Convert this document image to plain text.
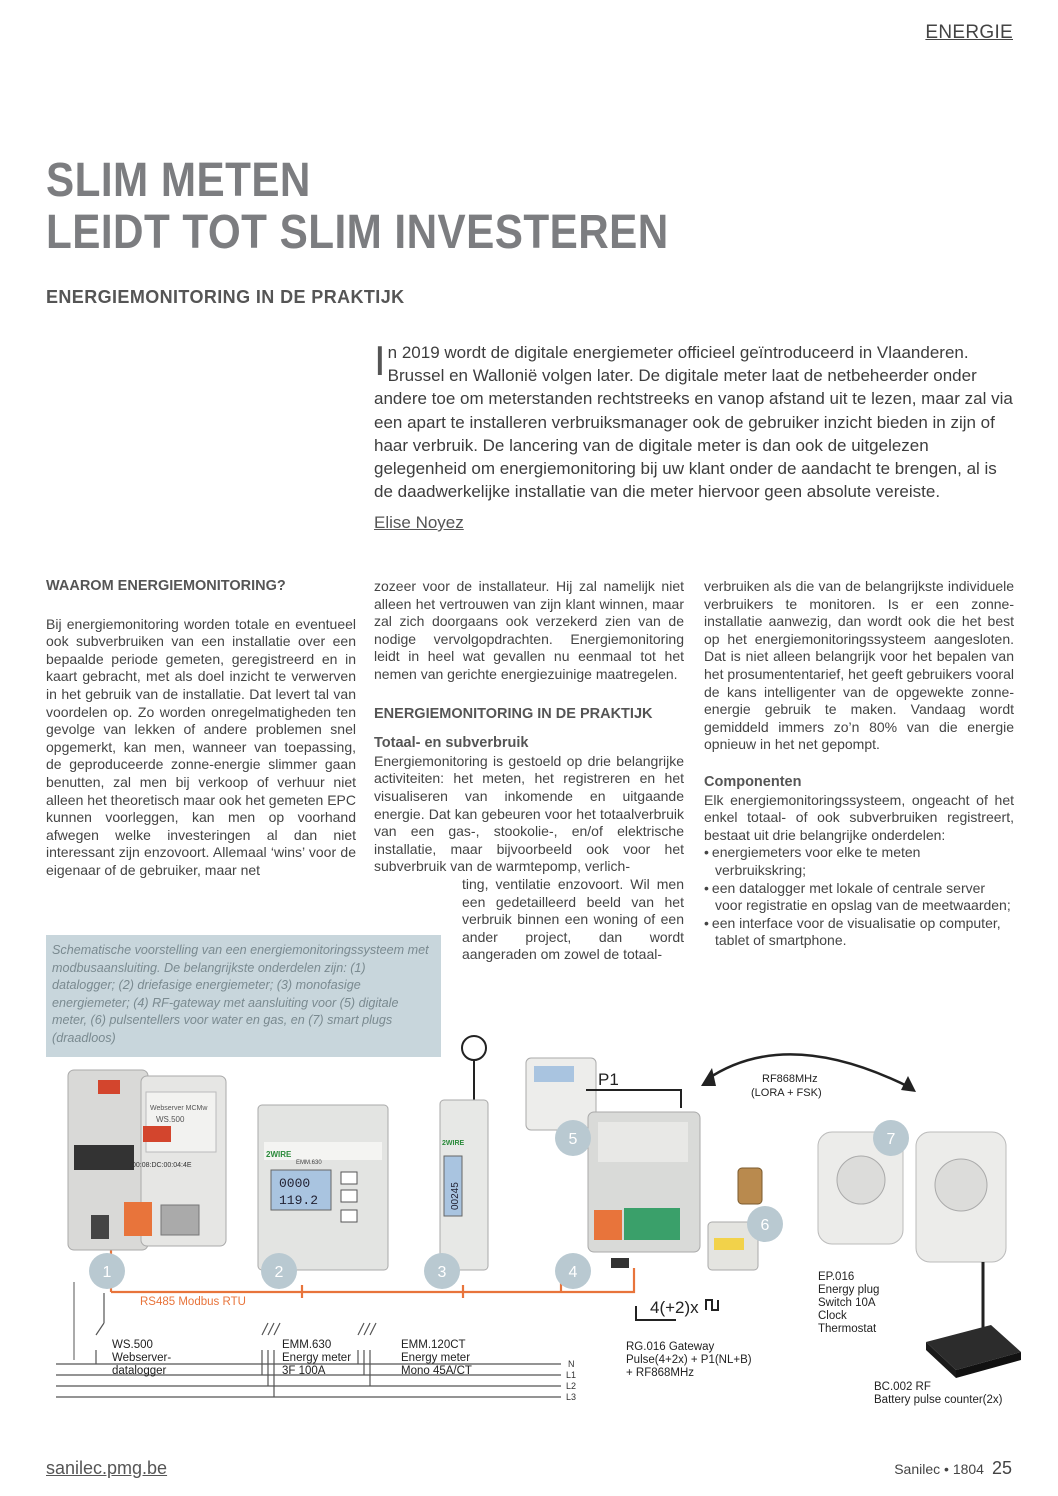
ENERGIE
SLIM METEN
LEIDT TOT SLIM INVESTEREN
ENERGIEMONITORING IN DE PRAKTIJK

In 2019 wordt de digitale energiemeter officieel geïntroduceerd in Vlaanderen. Brussel en Wallonië volgen later. De digitale meter laat de netbeheerder onder andere toe om meterstanden rechtstreeks en vanop afstand uit te lezen, maar zal via een apart te installeren verbruiksmanager ook de gebruiker inzicht bieden in zijn of haar verbruik. De lancering van de digitale meter is dan ook de uitgelezen gelegenheid om energiemonitoring bij uw klant onder de aandacht te brengen, al is de daadwerkelijke installatie van die meter hiervoor geen absolute vereiste.

Elise Noyez
WAAROM ENERGIEMONITORING?

Bij energiemonitoring worden totale en eventueel ook subverbruiken van een installatie over een bepaalde periode gemeten, geregistreerd en in kaart gebracht, met als doel inzicht te verwerven in het gebruik van de installatie. Dat levert tal van voordelen op. Zo worden onregelmatigheden ten gevolge van lekken of andere problemen snel opgemerkt, kan men, wanneer van toepassing, de geproduceerde zonne-energie slimmer gaan benutten, zal men bij verkoop of verhuur niet alleen het theoretisch maar ook het gemeten EPC kunnen voorleggen, kan men op voorhand afwegen welke investeringen al dan niet interessant zijn enzovoort. Allemaal ‘wins’ voor de eigenaar of de gebruiker, maar net

zozeer voor de installateur. Hij zal namelijk niet alleen het vertrouwen van zijn klant winnen, maar zal zich doorgaans ook verzekerd zien van de nodige vervolgopdrachten. Energiemonitoring leidt in heel wat gevallen nu eenmaal tot het nemen van gerichte energiezuinige maatregelen.

ENERGIEMONITORING IN DE PRAKTIJK
Totaal- en subverbruik

Energiemonitoring is gestoeld op drie belangrijke activiteiten: het meten, het registreren en het visualiseren van inkomende en uitgaande energie. Dat kan gebeuren voor het totaalverbruik van een gas-, stookolie-, en/of elektrische installatie, maar bijvoorbeeld ook voor het subverbruik van de warmtepomp, verlich-

ting, ventilatie enzovoort. Wil men een gedetailleerd beeld van het verbruik binnen een woning of een ander project, dan wordt aangeraden om zowel de totaal-

verbruiken als die van de belangrijkste individuele verbruikers te monitoren. Is er een zonne-installatie aanwezig, dan wordt ook die het best op het energiemonitoringssysteem aangesloten. Dat is niet alleen belangrijk voor het bepalen van het prosumententarief, het geeft gebruikers vooral de kans intelligenter van de opgewekte zonne-energie gebruik te maken. Vandaag wordt gemiddeld immers zo’n 80% van die energie opnieuw in het net gepompt.

Componenten

Elk energiemonitoringssysteem, ongeacht of het enkel totaal- of ook subverbruiken registreert, bestaat uit drie belangrijke onderdelen:

• energiemeters voor elke te meten verbruikskring;
• een datalogger met lokale of centrale server voor registratie en opslag van de meetwaarden;
• een interface voor de visualisatie op computer, tablet of smartphone.
Schematische voorstelling van een energiemonitoringssysteem met modbusaansluiting. De belangrijkste onderdelen zijn: (1) datalogger; (2) driefasige energiemeter; (3) monofasige energiemeter; (4) RF-gateway met aansluiting voor (5) digitale meter, (6) pulsentellers voor water en gas, en (7) smart plugs (draadloos)
N
L1
L2
L3
RS485 Modbus RTU
Webserver MCMw
WS.500
00:08:DC:00:04:4E
2WIRE
EMM.630
0000
119.2
2WIRE
00245
P1
4(+2)x
RF868MHz
(LORA + FSK)
1	2	3	4
5
6
7
WS.500
Webserver-
datalogger
EMM.630
Energy meter
3F 100A
EMM.120CT
Energy meter
Mono 45A/CT
RG.016 Gateway
Pulse(4+2x) + P1(NL+B)
+ RF868MHz
EP.016
Energy plug
Switch 10A
Clock
Thermostat
BC.002 RF
Battery pulse counter(2x)
sanilec.pmg.be	Sanilec • 1804 25
